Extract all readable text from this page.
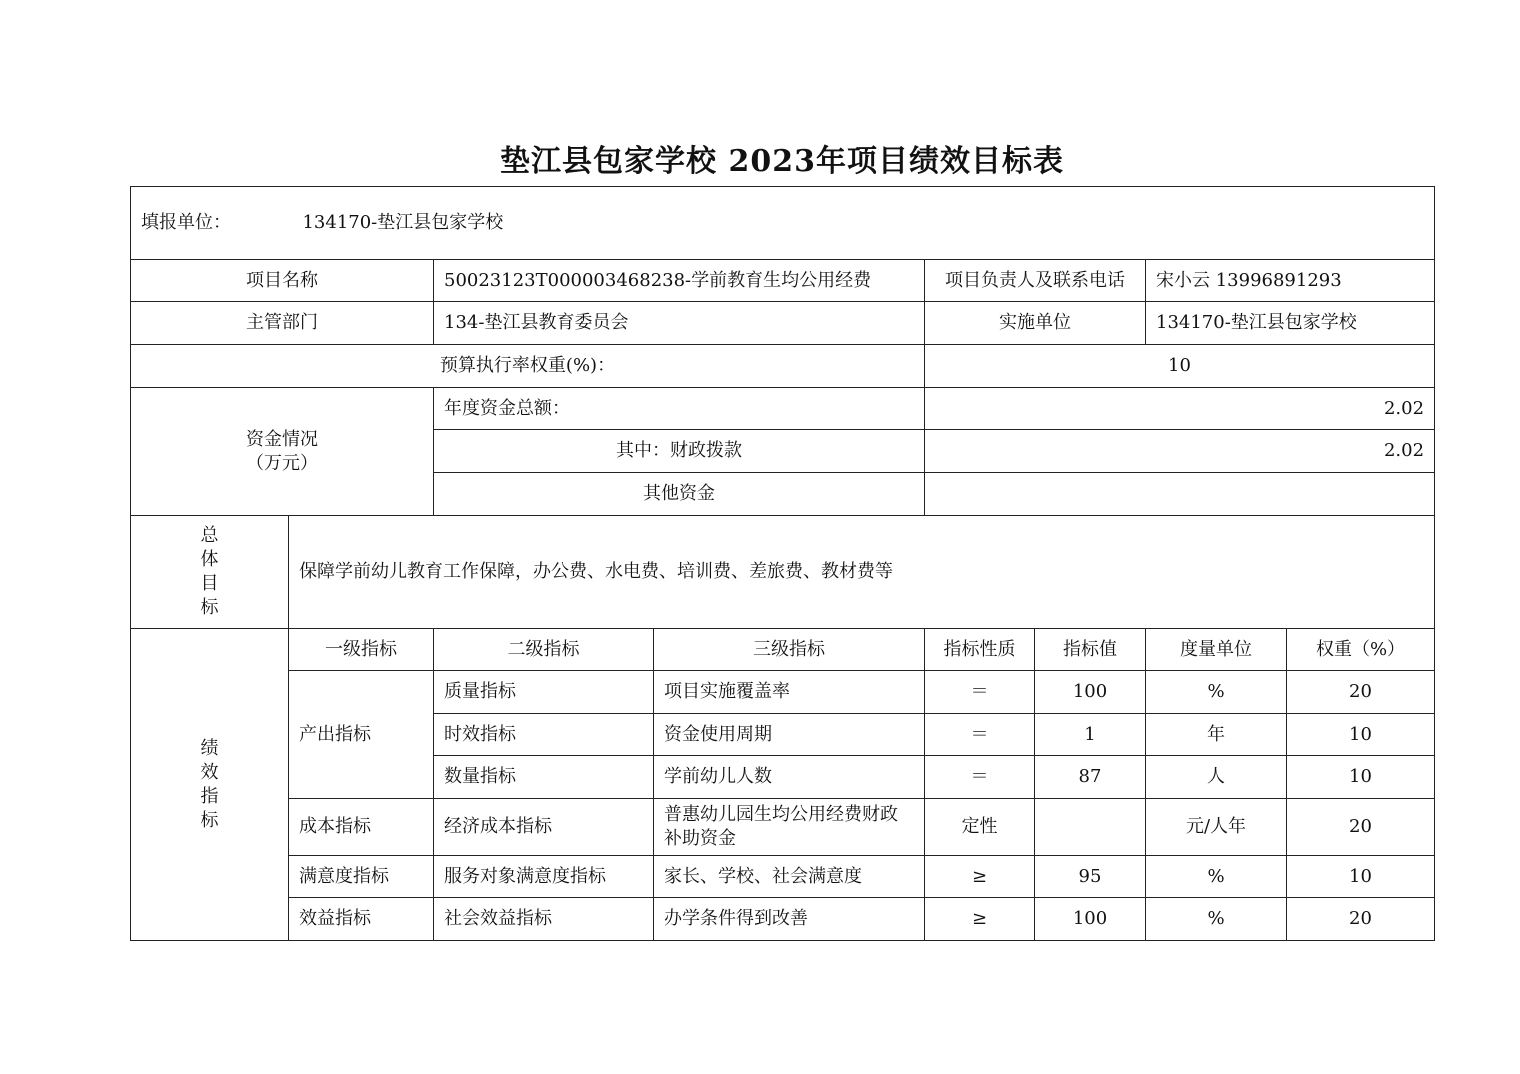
垫江县包家学校 2023年项目绩效目标表
填报单位： 134170-垫江县包家学校							
项目名称		50023123T000003468238-学前教育生均公用经费		项目负责人及联系电话		宋小云 13996891293	
主管部门		134-垫江县教育委员会		实施单位		134170-垫江县包家学校	
预算执行率权重(%)：				10			

资金情况
（万元）		年度资金总额：		2.02			
		其中：财政拨款		2.02			
		其他资金					

总
体
目
标	保障学前幼儿教育工作保障，办公费、水电费、培训费、差旅费、教材费等						

绩
效
指
标	一级指标	二级指标	三级指标	指标性质	指标值	度量单位	权重（%）
	产出指标	质量指标	项目实施覆盖率	＝	100	%	20
		时效指标	资金使用周期	＝	1	年	10
		数量指标	学前幼儿人数	＝	87	人	10
	成本指标	经济成本指标	普惠幼儿园生均公用经费财政补助资金	定性		元/人年	20
	满意度指标	服务对象满意度指标	家长、学校、社会满意度	≥	95	%	10
	效益指标	社会效益指标	办学条件得到改善	≥	100	%	20
